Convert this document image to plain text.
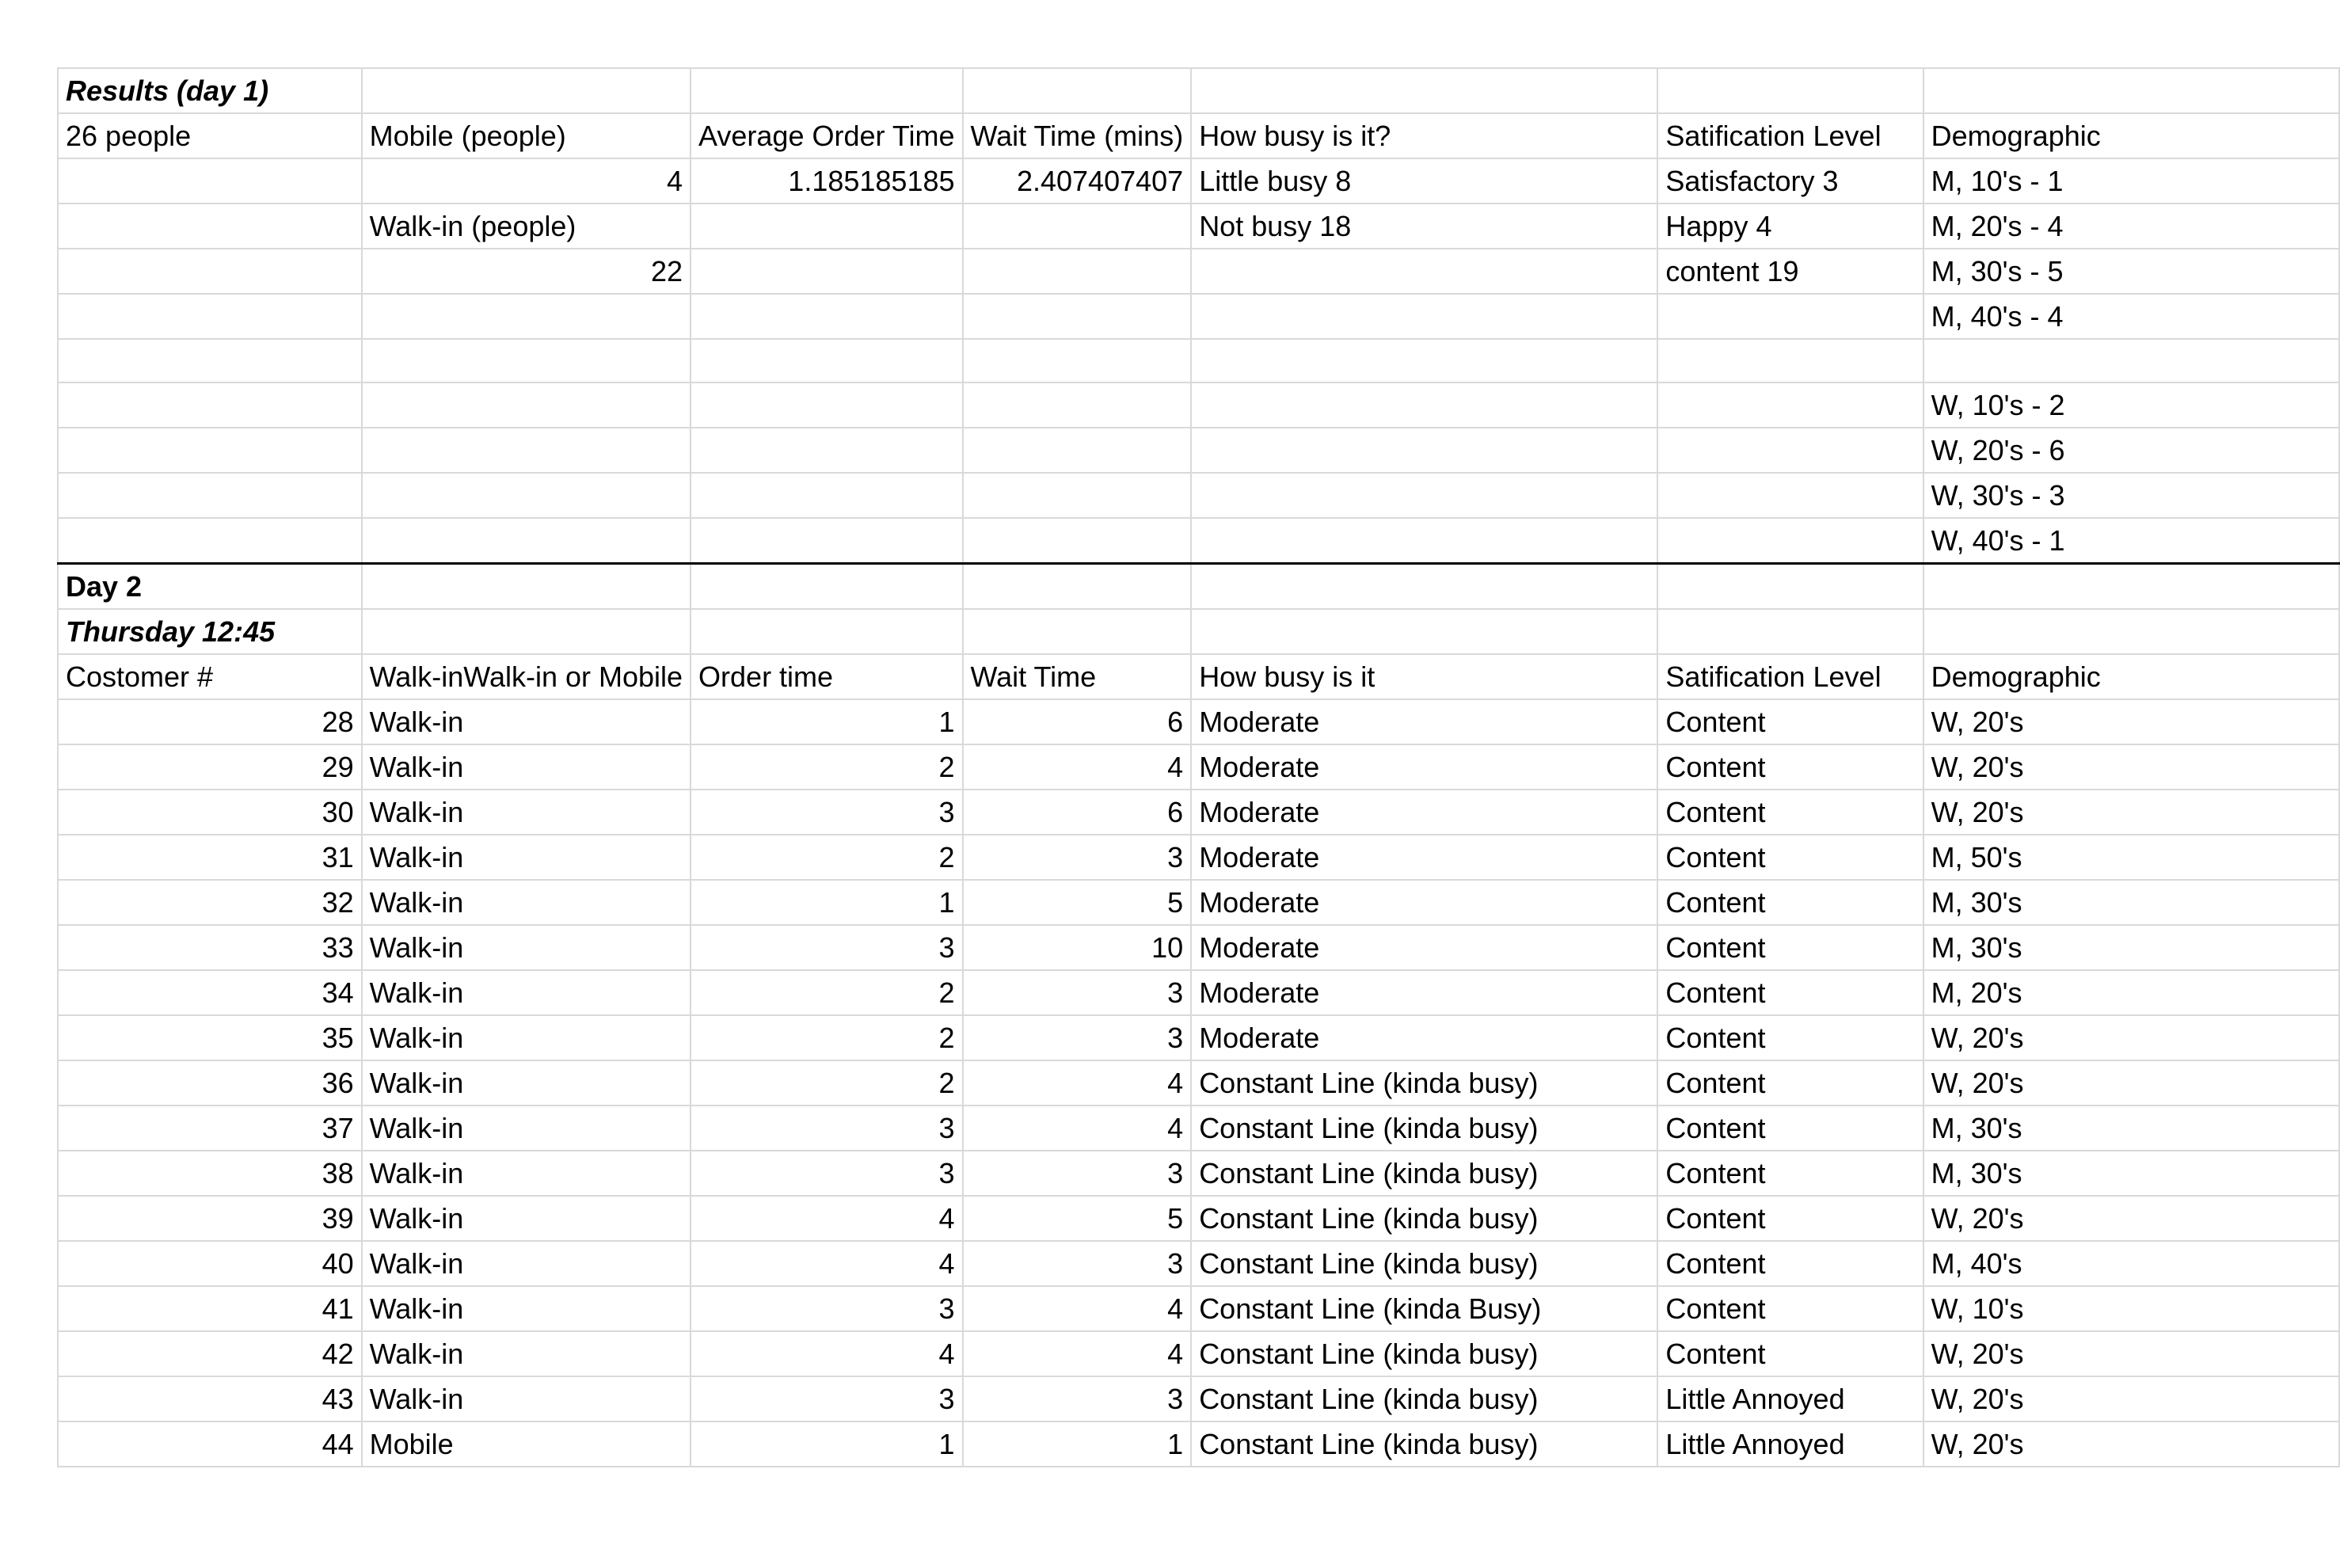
Results (day 1)						
26 people	Mobile (people)	Average Order Time	Wait Time (mins)	How busy is it?	Satification Level	Demographic
	4	1.185185185	2.407407407	Little busy 8	Satisfactory 3	M, 10's - 1
	Walk-in (people)			Not busy 18	Happy 4	M, 20's - 4
	22				content 19	M, 30's - 5
						M, 40's - 4

						W, 10's - 2
						W, 20's - 6
						W, 30's - 3
						W, 40's - 1
Day 2						
Thursday 12:45						
Costomer #	Walk-inWalk-in or Mobile	Order time	Wait Time	How busy is it	Satification Level	Demographic
28	Walk-in	1	6	Moderate	Content	W, 20's
29	Walk-in	2	4	Moderate	Content	W, 20's
30	Walk-in	3	6	Moderate	Content	W, 20's
31	Walk-in	2	3	Moderate	Content	M, 50's
32	Walk-in	1	5	Moderate	Content	M, 30's
33	Walk-in	3	10	Moderate	Content	M, 30's
34	Walk-in	2	3	Moderate	Content	M, 20's
35	Walk-in	2	3	Moderate	Content	W, 20's
36	Walk-in	2	4	Constant Line (kinda busy)	Content	W, 20's
37	Walk-in	3	4	Constant Line (kinda busy)	Content	M, 30's
38	Walk-in	3	3	Constant Line (kinda busy)	Content	M, 30's
39	Walk-in	4	5	Constant Line (kinda busy)	Content	W, 20's
40	Walk-in	4	3	Constant Line (kinda busy)	Content	M, 40's
41	Walk-in	3	4	Constant Line (kinda Busy)	Content	W, 10's
42	Walk-in	4	4	Constant Line (kinda busy)	Content	W, 20's
43	Walk-in	3	3	Constant Line (kinda busy)	Little Annoyed	W, 20's
44	Mobile	1	1	Constant Line (kinda busy)	Little Annoyed	W, 20's
